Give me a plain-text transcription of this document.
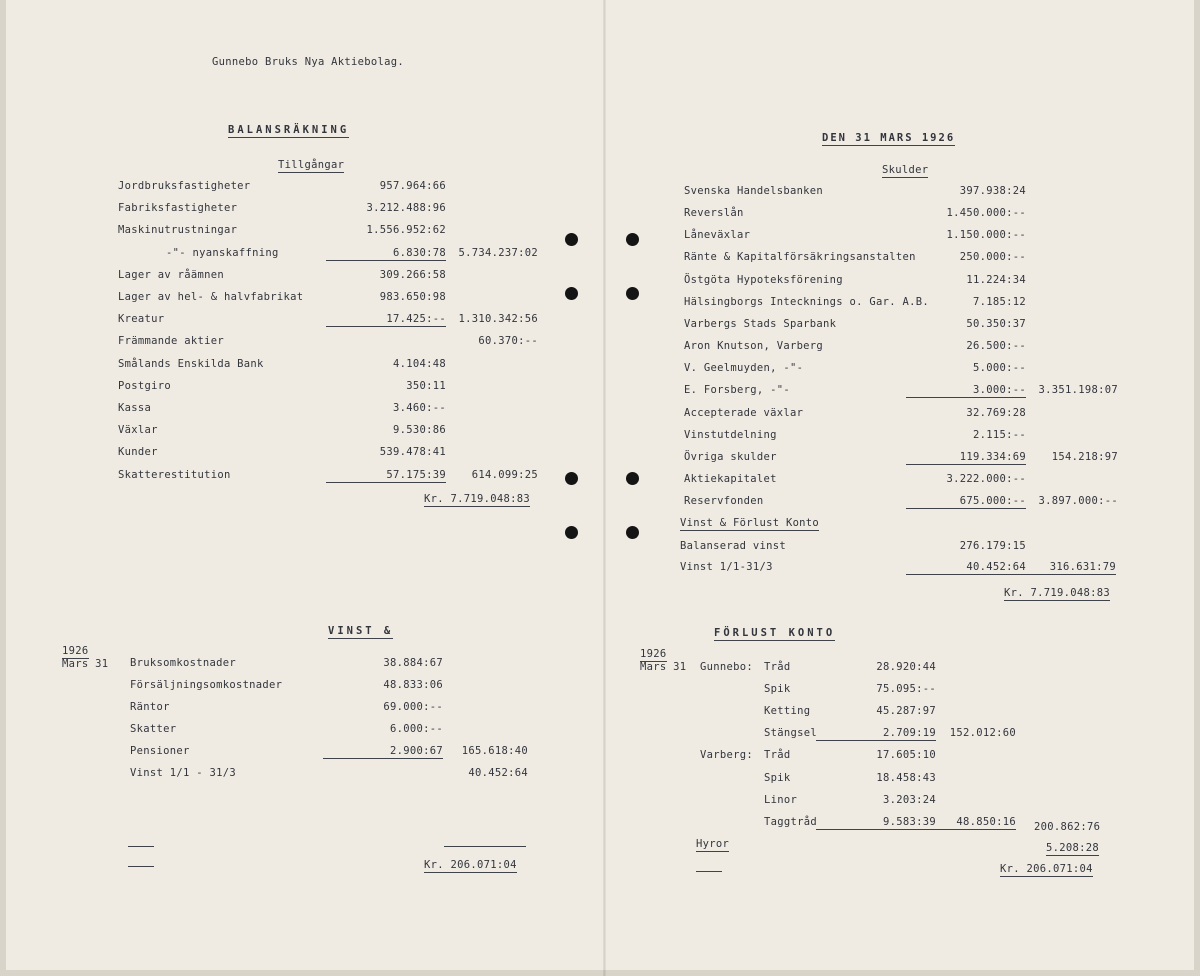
Gunnebo Bruks Nya Aktiebolag.
BALANSRÄKNING
DEN 31 MARS 1926
Tillgångar	Skulder
Jordbruksfastigheter	957.964:66
Fabriksfastigheter	3.212.488:96
Maskinutrustningar	1.556.952:62
-"- nyanskaffning	6.830:78	5.734.237:02
Lager av råämnen	309.266:58
Lager av hel- & halvfabrikat	983.650:98
Kreatur	17.425:--	1.310.342:56
Främmande aktier	60.370:--
Smålands Enskilda Bank	4.104:48
Postgiro	350:11
Kassa	3.460:--
Växlar	9.530:86
Kunder	539.478:41
Skatterestitution	57.175:39	614.099:25
Kr. 7.719.048:83
Svenska Handelsbanken	397.938:24
Reverslån	1.450.000:--
Låneväxlar	1.150.000:--
Ränte & Kapitalförsäkringsanstalten	250.000:--
Östgöta Hypoteksförening	11.224:34
Hälsingborgs Intecknings o. Gar. A.B.	7.185:12
Varbergs Stads Sparbank	50.350:37
Aron Knutson, Varberg	26.500:--
V. Geelmuyden, -"-	5.000:--
E. Forsberg, -"-	3.000:--	3.351.198:07
Accepterade växlar	32.769:28
Vinstutdelning	2.115:--
Övriga skulder	119.334:69	154.218:97
Aktiekapitalet	3.222.000:--
Reservfonden	675.000:--	3.897.000:--
Vinst & Förlust Konto
Balanserad vinst	276.179:15
Vinst 1/1-31/3	40.452:64	316.631:79
Kr. 7.719.048:83
VINST &	FÖRLUST KONTO
1926
Mars 31
1926
Mars 31
Bruksomkostnader	38.884:67
Försäljningsomkostnader	48.833:06
Räntor	69.000:--
Skatter	6.000:--
Pensioner	2.900:67	165.618:40
Vinst 1/1 - 31/3	40.452:64
Gunnebo: Tråd	28.920:44
Spik	75.095:--
Ketting	45.287:97
Stängsel	2.709:19	152.012:60
Varberg: Tråd	17.605:10
Spik	18.458:43
Linor	3.203:24
Taggtråd	9.583:39	48.850:16 200.862:76
Hyror	5.208:28
Kr. 206.071:04	Kr. 206.071:04
